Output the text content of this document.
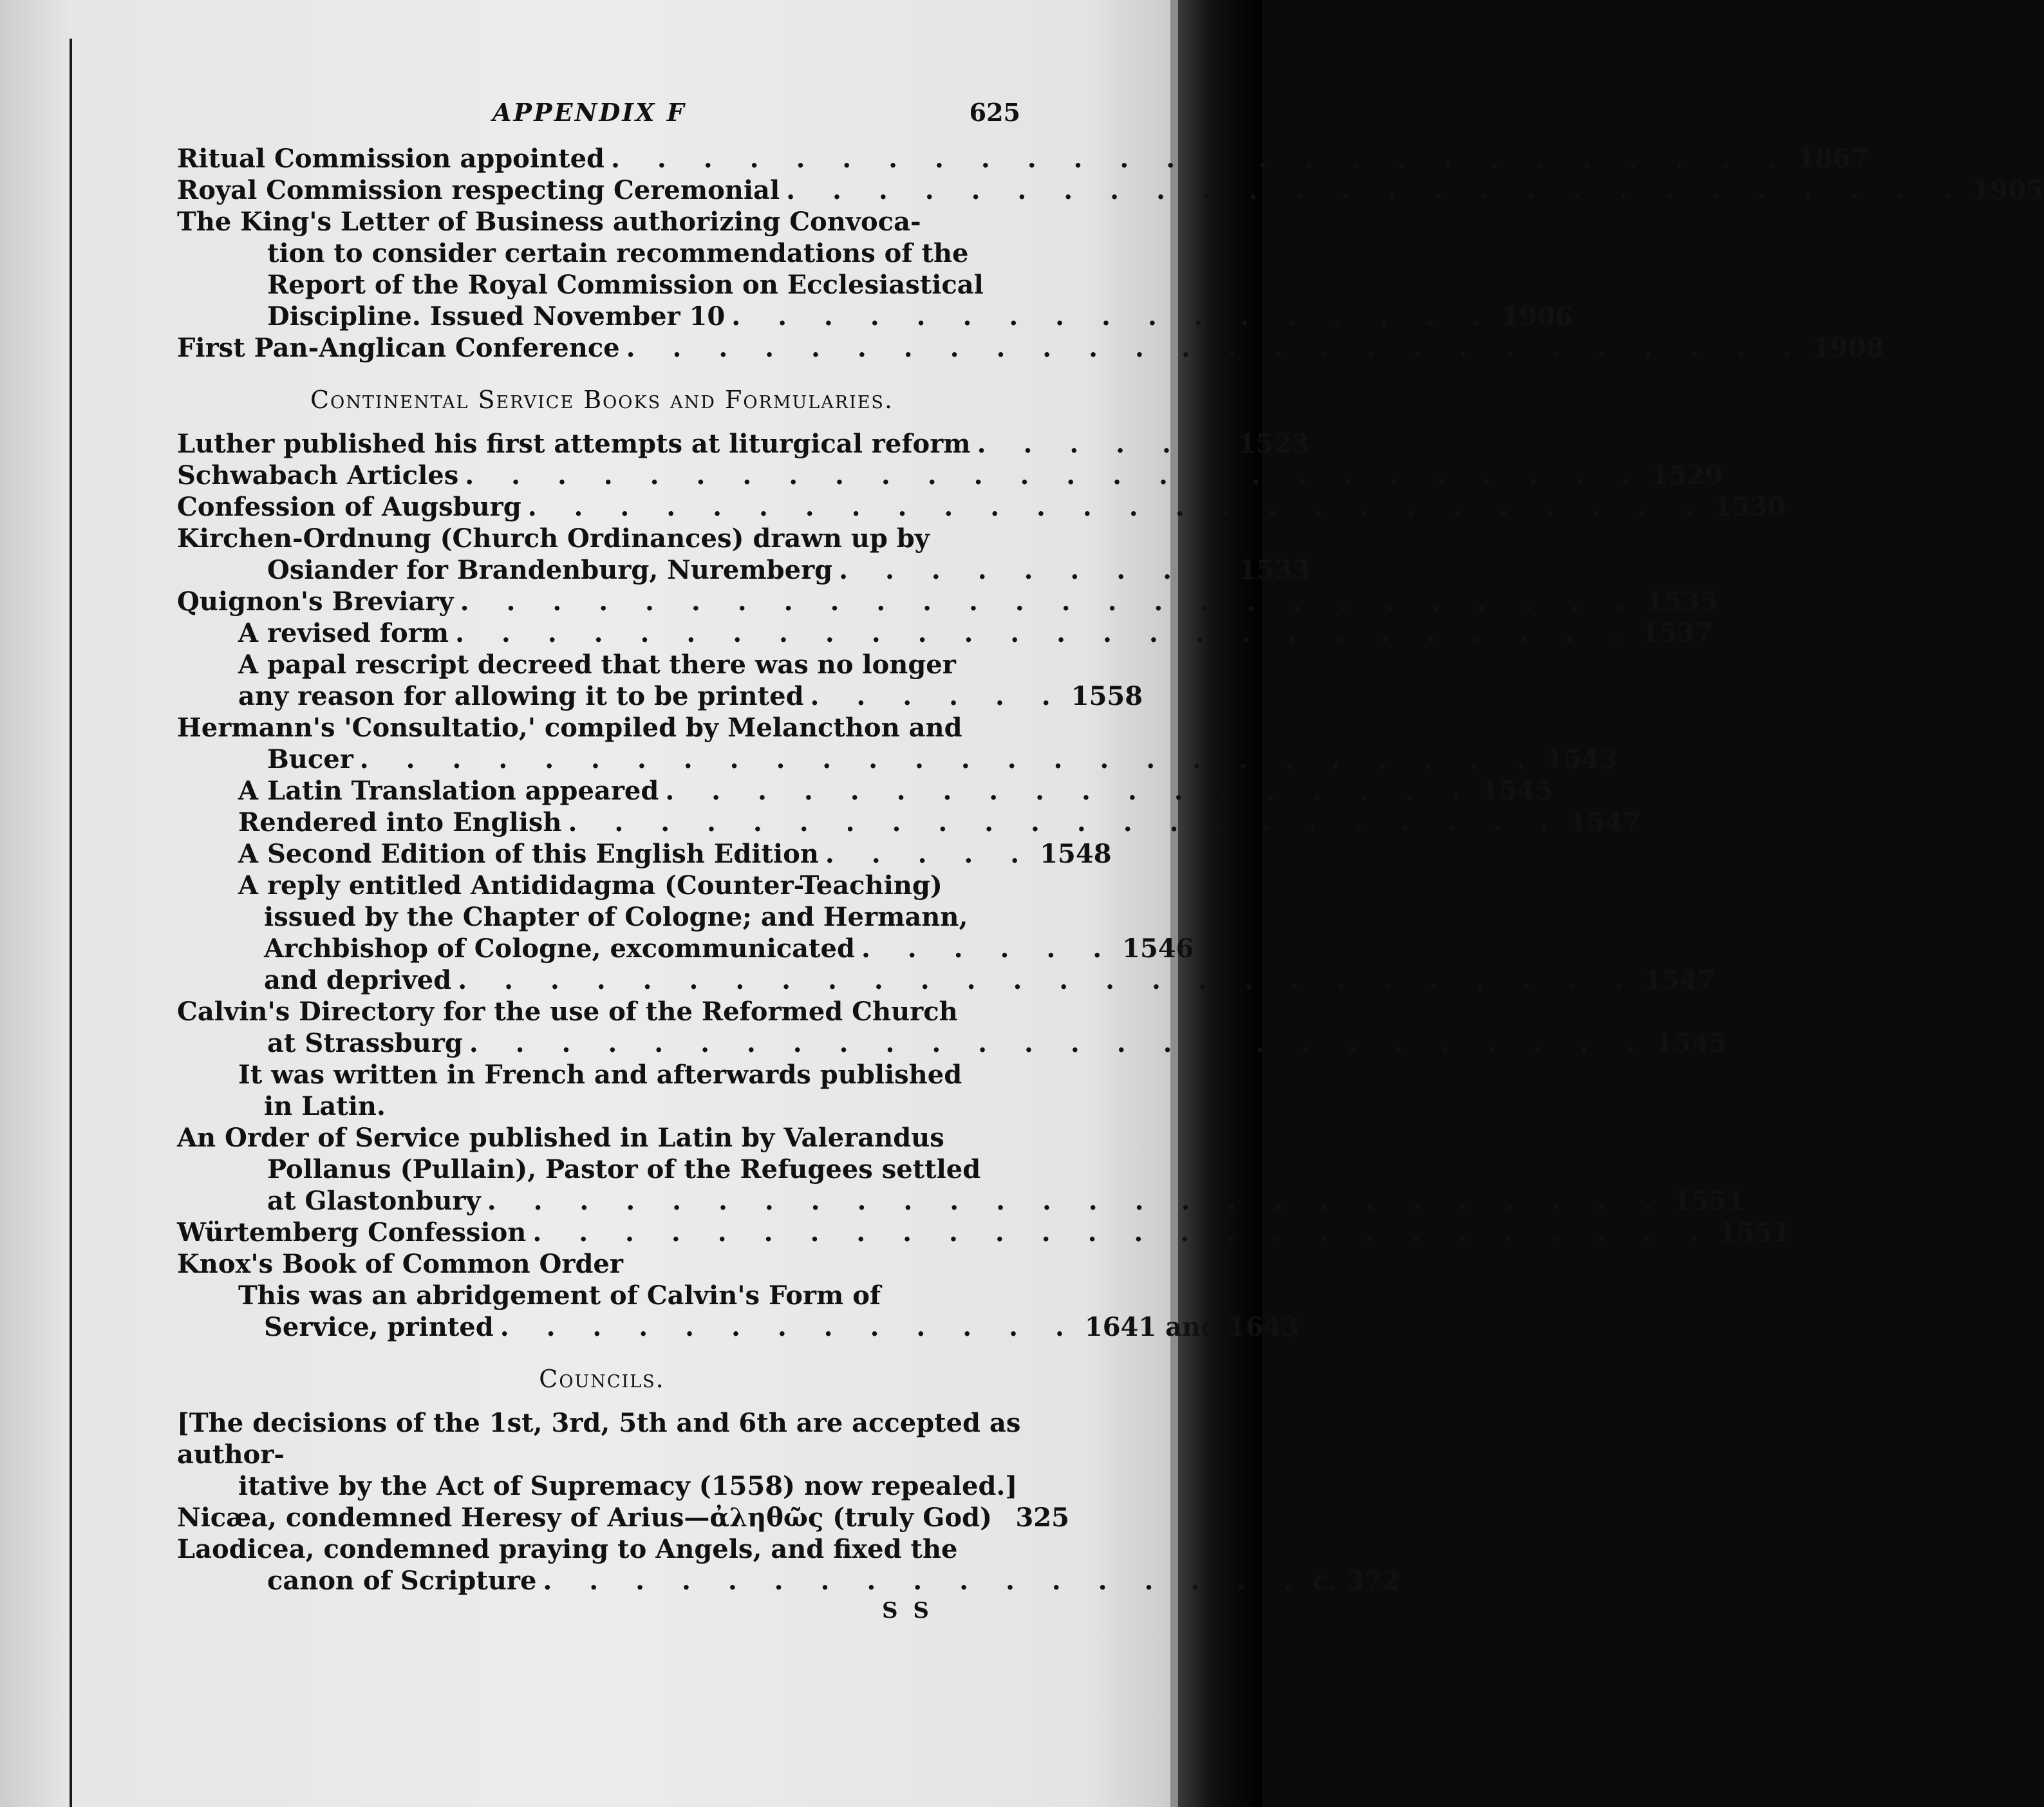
APPENDIX F	625
Ritual Commission appointed . . . . . . . . . . . . . . . . . . . . . . . . . . 1867
Royal Commission respecting Ceremonial . . . . . . . . . . . . . . . . . . . . . . . . . . 1905
The King's Letter of Business authorizing Convoca-
tion to consider certain recommendations of the
Report of the Royal Commission on Ecclesiastical
Discipline. Issued November 10 . . . . . . . . . . . . . . . . . 1906
First Pan-Anglican Conference . . . . . . . . . . . . . . . . . . . . . . . . . . 1908
Continental Service Books and Formularies.
Luther published his first attempts at liturgical reform . . . . . . 1523
Schwabach Articles . . . . . . . . . . . . . . . . . . . . . . . . . . 1529
Confession of Augsburg . . . . . . . . . . . . . . . . . . . . . . . . . . 1530
Kirchen-Ordnung (Church Ordinances) drawn up by
Osiander for Brandenburg, Nuremberg . . . . . . . . . 1533
Quignon's Breviary . . . . . . . . . . . . . . . . . . . . . . . . . . 1535
A revised form . . . . . . . . . . . . . . . . . . . . . . . . . . 1537
A papal rescript decreed that there was no longer
any reason for allowing it to be printed . . . . . . 1558
Hermann's 'Consultatio,' compiled by Melancthon and
Bucer . . . . . . . . . . . . . . . . . . . . . . . . . . 1543
A Latin Translation appeared . . . . . . . . . . . . . . . . . . 1545
Rendered into English . . . . . . . . . . . . . . . . . . . . . . 1547
A Second Edition of this English Edition . . . . . 1548
A reply entitled Antididagma (Counter-Teaching)
issued by the Chapter of Cologne; and Hermann,
Archbishop of Cologne, excommunicated . . . . . . 1546
and deprived . . . . . . . . . . . . . . . . . . . . . . . . . . 1547
Calvin's Directory for the use of the Reformed Church
at Strassburg . . . . . . . . . . . . . . . . . . . . . . . . . . 1545
It was written in French and afterwards published
in Latin.
An Order of Service published in Latin by Valerandus
Pollanus (Pullain), Pastor of the Refugees settled
at Glastonbury . . . . . . . . . . . . . . . . . . . . . . . . . . 1551
Würtemberg Confession . . . . . . . . . . . . . . . . . . . . . . . . . . 1551
Knox's Book of Common Order
This was an abridgement of Calvin's Form of
Service, printed . . . . . . . . . . . . . 1641 and 1643
Councils.
[The decisions of the 1st, 3rd, 5th and 6th are accepted as author-
itative by the Act of Supremacy (1558) now repealed.]
Nicæa, condemned Heresy of Arius—ἀληθῶς (truly God) 325
Laodicea, condemned praying to Angels, and fixed the
canon of Scripture . . . . . . . . . . . . . . . . . c. 372
S S
